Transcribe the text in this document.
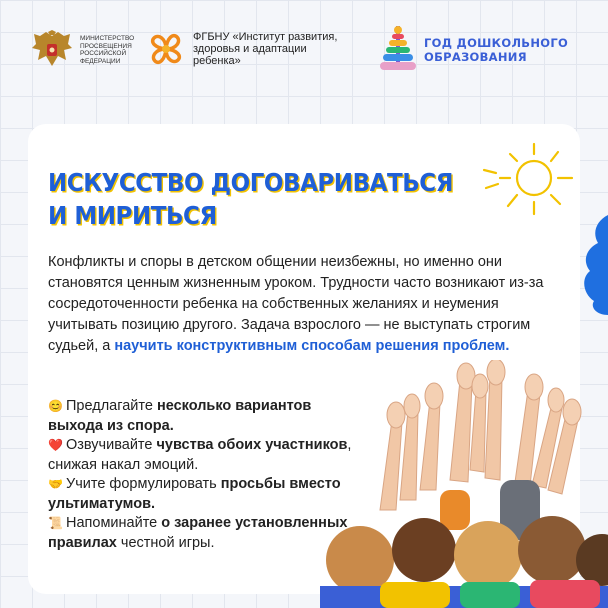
МИНИСТЕРСТВО
ПРОСВЕЩЕНИЯ
РОССИЙСКОЙ
ФЕДЕРАЦИИ
ФГБНУ «Институт развития,
здоровья и адаптации
ребенка»
ГОД ДОШКОЛЬНОГО
ОБРАЗОВАНИЯ
ИСКУССТВО ДОГОВАРИВАТЬСЯ
И МИРИТЬСЯ
Конфликты и споры в детском общении неизбежны, но именно они становятся ценным жизненным уроком. Трудности часто возникают из-за сосредоточенности ребенка на собственных желаниях и неумения учитывать позицию другого. Задача взрослого — не выступать строгим судьей, а научить конструктивным способам решения проблем.
😊 Предлагайте несколько вариантов выхода из спора.
❤️ Озвучивайте чувства обоих участников, снижая накал эмоций.
🤝 Учите формулировать просьбы вместо ультиматумов.
📜 Напоминайте о заранее установленных правилах честной игры.
